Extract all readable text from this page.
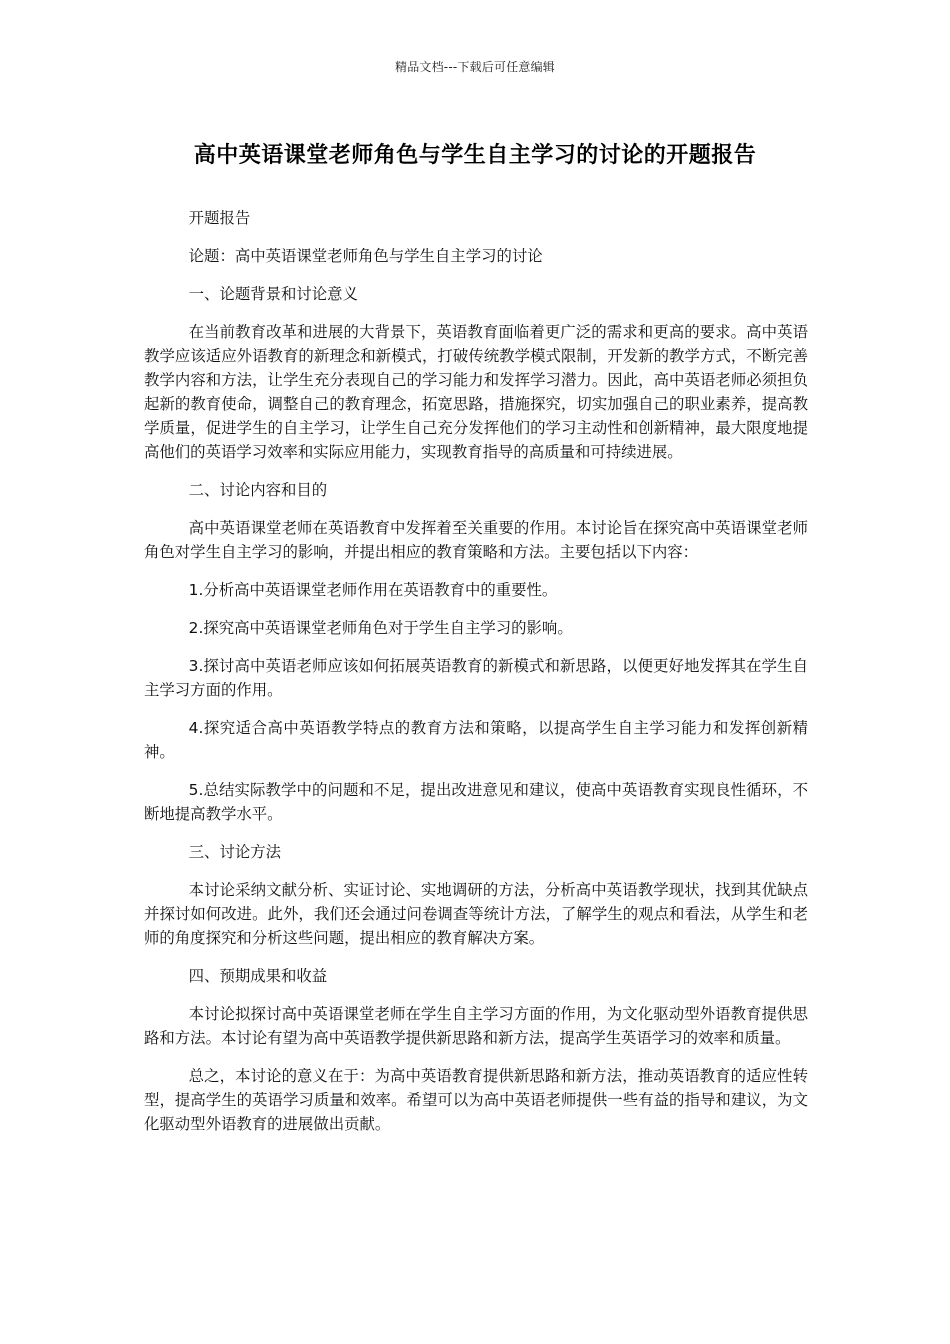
精品文档---下载后可任意编辑
高中英语课堂老师角色与学生自主学习的讨论的开题报告

开题报告

论题：高中英语课堂老师角色与学生自主学习的讨论

一、论题背景和讨论意义

在当前教育改革和进展的大背景下，英语教育面临着更广泛的需求和更高的要求。高中英语教学应该适应外语教育的新理念和新模式，打破传统教学模式限制，开发新的教学方式，不断完善教学内容和方法，让学生充分表现自己的学习能力和发挥学习潜力。因此，高中英语老师必须担负起新的教育使命，调整自己的教育理念，拓宽思路，措施探究，切实加强自己的职业素养，提高教学质量，促进学生的自主学习，让学生自己充分发挥他们的学习主动性和创新精神，最大限度地提高他们的英语学习效率和实际应用能力，实现教育指导的高质量和可持续进展。

二、讨论内容和目的

高中英语课堂老师在英语教育中发挥着至关重要的作用。本讨论旨在探究高中英语课堂老师角色对学生自主学习的影响，并提出相应的教育策略和方法。主要包括以下内容：

1.分析高中英语课堂老师作用在英语教育中的重要性。

2.探究高中英语课堂老师角色对于学生自主学习的影响。

3.探讨高中英语老师应该如何拓展英语教育的新模式和新思路，以便更好地发挥其在学生自主学习方面的作用。

4.探究适合高中英语教学特点的教育方法和策略，以提高学生自主学习能力和发挥创新精神。

5.总结实际教学中的问题和不足，提出改进意见和建议，使高中英语教育实现良性循环，不断地提高教学水平。

三、讨论方法

本讨论采纳文献分析、实证讨论、实地调研的方法，分析高中英语教学现状，找到其优缺点并探讨如何改进。此外，我们还会通过问卷调查等统计方法，了解学生的观点和看法，从学生和老师的角度探究和分析这些问题，提出相应的教育解决方案。

四、预期成果和收益

本讨论拟探讨高中英语课堂老师在学生自主学习方面的作用，为文化驱动型外语教育提供思路和方法。本讨论有望为高中英语教学提供新思路和新方法，提高学生英语学习的效率和质量。

总之，本讨论的意义在于：为高中英语教育提供新思路和新方法，推动英语教育的适应性转型，提高学生的英语学习质量和效率。希望可以为高中英语老师提供一些有益的指导和建议，为文化驱动型外语教育的进展做出贡献。
